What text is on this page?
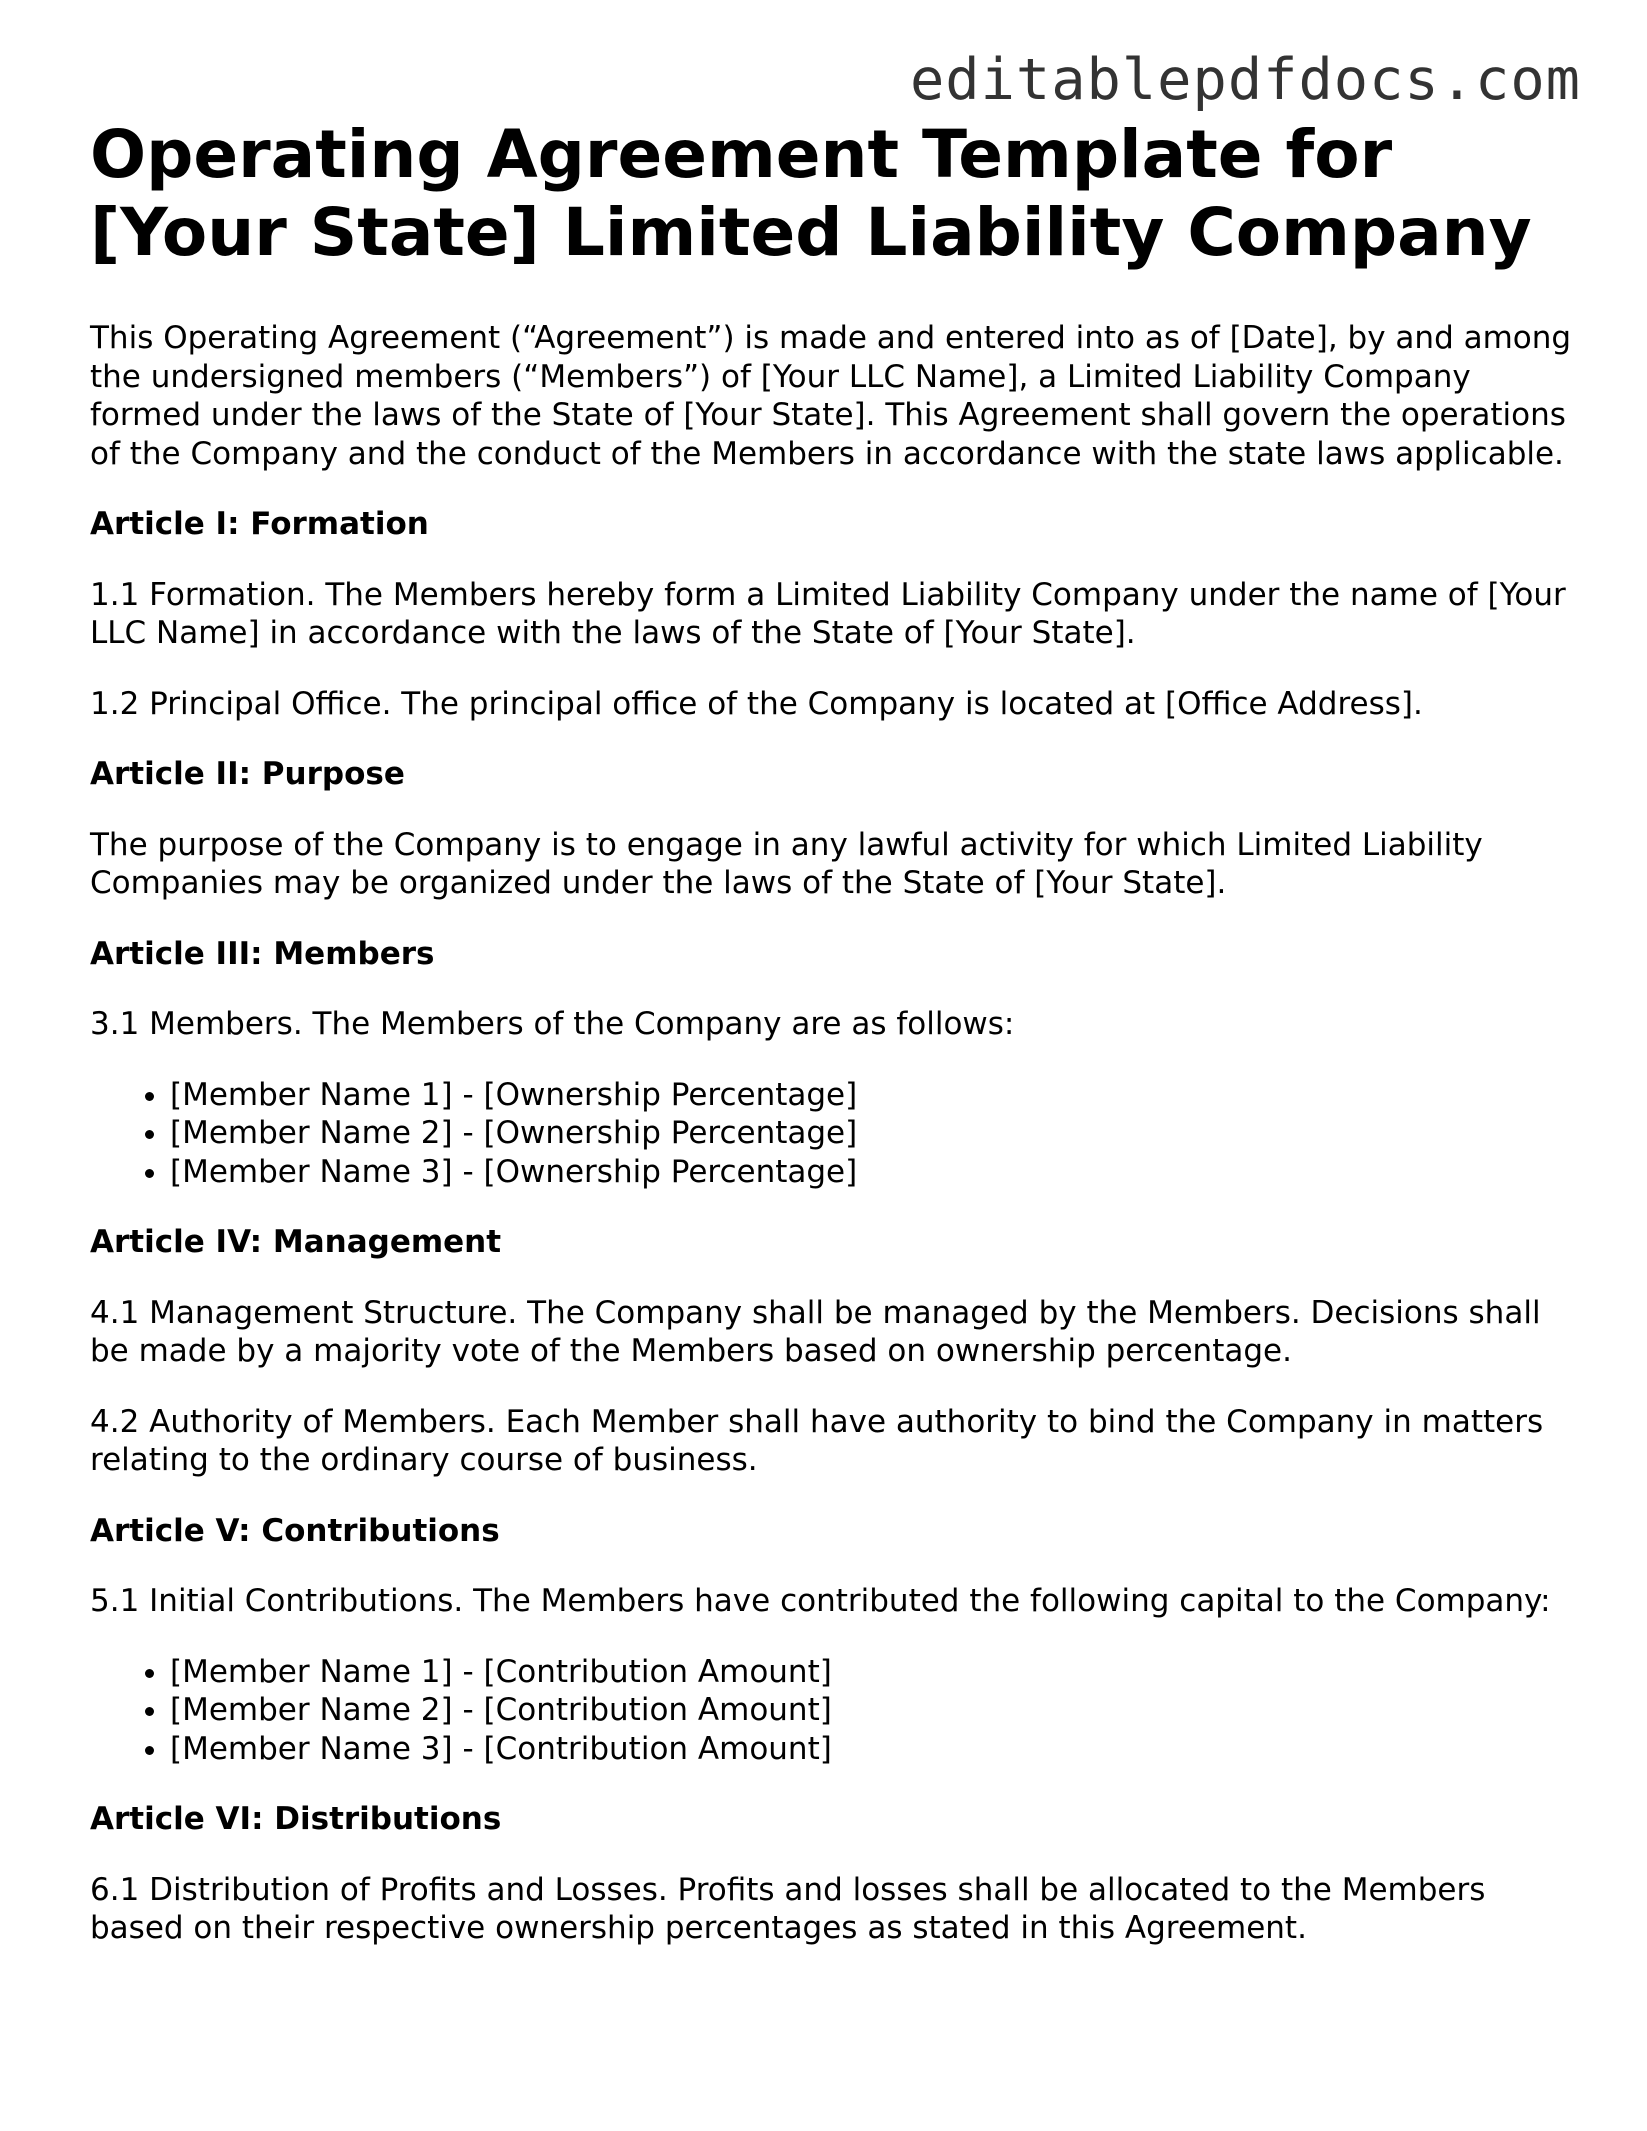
editablepdfdocs.com
Operating Agreement Template for [Your State] Limited Liability Company

This Operating Agreement (“Agreement”) is made and entered into as of [Date], by and among the undersigned members (“Members”) of [Your LLC Name], a Limited Liability Company formed under the laws of the State of [Your State]. This Agreement shall govern the operations of the Company and the conduct of the Members in accordance with the state laws applicable.

Article I: Formation

1.1 Formation. The Members hereby form a Limited Liability Company under the name of [Your LLC Name] in accordance with the laws of the State of [Your State].

1.2 Principal Office. The principal office of the Company is located at [Office Address].

Article II: Purpose

The purpose of the Company is to engage in any lawful activity for which Limited Liability Companies may be organized under the laws of the State of [Your State].

Article III: Members

3.1 Members. The Members of the Company are as follows:

• [Member Name 1] - [Ownership Percentage]
• [Member Name 2] - [Ownership Percentage]
• [Member Name 3] - [Ownership Percentage]

Article IV: Management

4.1 Management Structure. The Company shall be managed by the Members. Decisions shall be made by a majority vote of the Members based on ownership percentage.

4.2 Authority of Members. Each Member shall have authority to bind the Company in matters relating to the ordinary course of business.

Article V: Contributions

5.1 Initial Contributions. The Members have contributed the following capital to the Company:

• [Member Name 1] - [Contribution Amount]
• [Member Name 2] - [Contribution Amount]
• [Member Name 3] - [Contribution Amount]

Article VI: Distributions

6.1 Distribution of Profits and Losses. Profits and losses shall be allocated to the Members based on their respective ownership percentages as stated in this Agreement.
